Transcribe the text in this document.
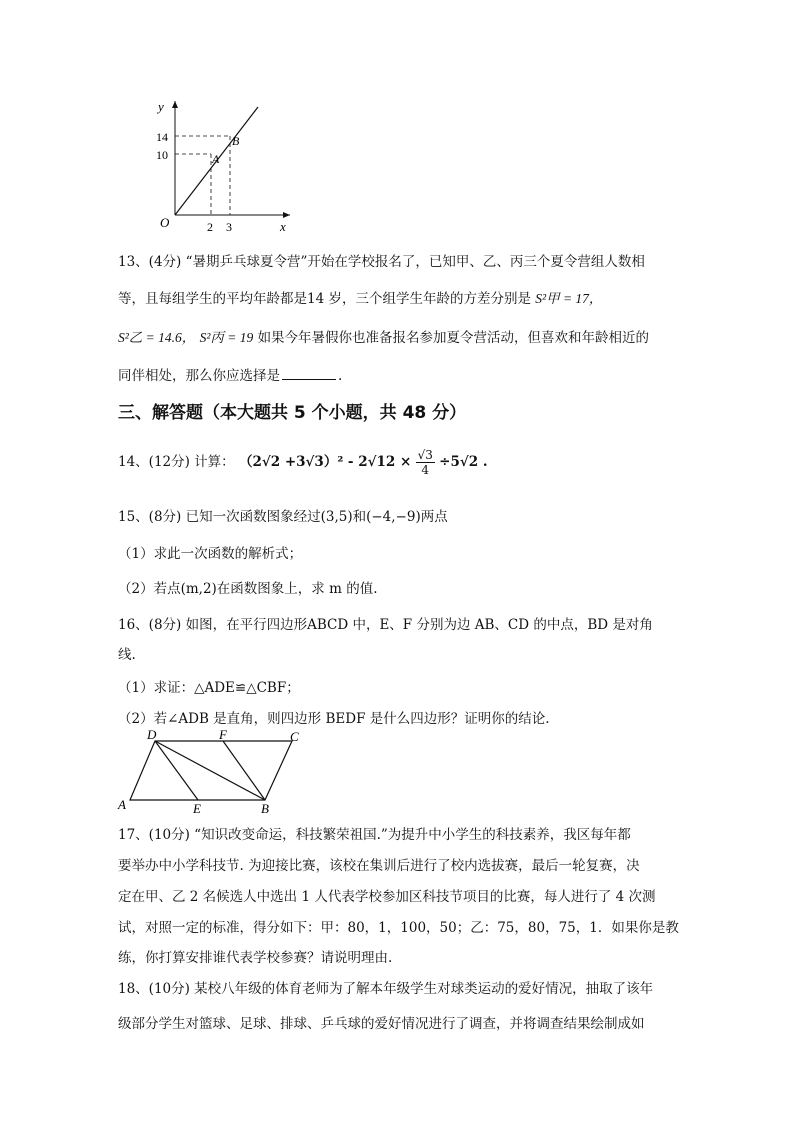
y
x
O
14
10
2 3
A
B
13、(4分) “暑期乒乓球夏令营”开始在学校报名了，已知甲、乙、丙三个夏令营组人数相
等，且每组学生的平均年龄都是14 岁，三个组学生年龄的方差分别是 S²甲 = 17，
S²乙 = 14.6， S²丙 = 19 如果今年暑假你也准备报名参加夏令营活动，但喜欢和年龄相近的
同伴相处，那么你应选择是	.
三、解答题（本大题共 5 个小题，共 48 分）
14、(12分) 计算： $(2√2 +3√3)^2 - 2√12 \times \frac{√3}{4} \div 5√2$ .
15、(8分) 已知一次函数图象经过(3,5)和(−4,−9)两点
（1）求此一次函数的解析式；
（2）若点(m,2)在函数图象上，求 m 的值.
16、(8分) 如图，在平行四边形ABCD 中，E、F 分别为边 AB、CD 的中点，BD 是对角
线.
（1）求证：△ADE≌△CBF；
（2）若∠ADB 是直角，则四边形 BEDF 是什么四边形？证明你的结论.
D	F	C
A	E	B
17、(10分) “知识改变命运，科技繁荣祖国.”为提升中小学生的科技素养，我区每年都
要举办中小学科技节. 为迎接比赛，该校在集训后进行了校内选拔赛，最后一轮复赛，决
定在甲、乙 2 名候选人中选出 1 人代表学校参加区科技节项目的比赛，每人进行了 4 次测
试，对照一定的标准，得分如下：甲：80，1，100，50；乙：75，80，75，1．如果你是教
练，你打算安排谁代表学校参赛？请说明理由.
18、(10分) 某校八年级的体育老师为了解本年级学生对球类运动的爱好情况，抽取了该年
级部分学生对篮球、足球、排球、乒乓球的爱好情况进行了调查，并将调查结果绘制成如
